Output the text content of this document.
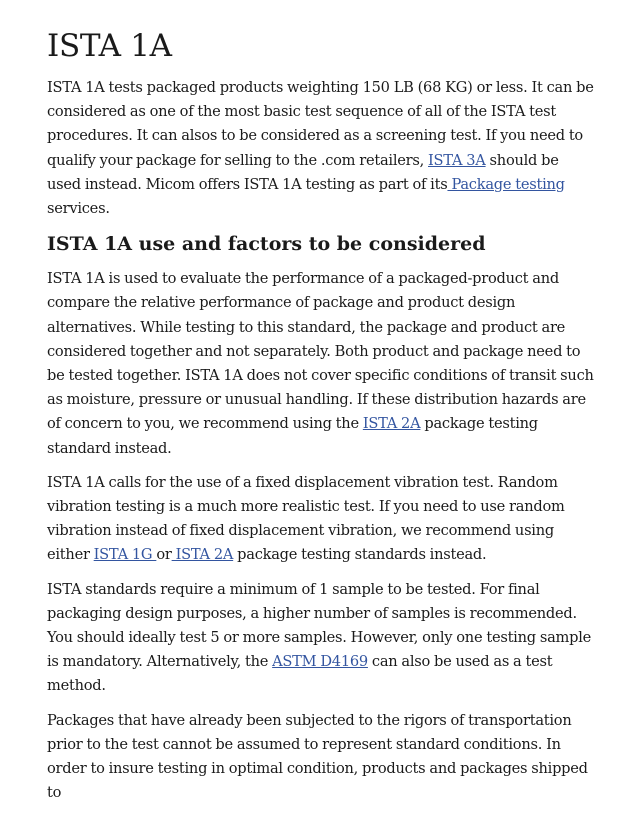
ISTA 1A

ISTA 1A tests packaged products weighting 150 LB (68 KG) or less. It can be considered as one of the most basic test sequence of all of the ISTA test procedures. It can alsos to be considered as a screening test. If you need to qualify your package for selling to the .com retailers, ISTA 3A should be used instead. Micom offers ISTA 1A testing as part of its Package testing services.

ISTA 1A use and factors to be considered

ISTA 1A is used to evaluate the performance of a packaged-product and compare the relative performance of package and product design alternatives. While testing to this standard, the package and product are considered together and not separately. Both product and package need to be tested together. ISTA 1A does not cover specific conditions of transit such as moisture, pressure or unusual handling. If these distribution hazards are of concern to you, we recommend using the ISTA 2A package testing standard instead.

ISTA 1A calls for the use of a fixed displacement vibration test. Random vibration testing is a much more realistic test. If you need to use random vibration instead of fixed displacement vibration, we recommend using either ISTA 1G or ISTA 2A package testing standards instead.

ISTA standards require a minimum of 1 sample to be tested. For final packaging design purposes, a higher number of samples is recommended. You should ideally test 5 or more samples. However, only one testing sample is mandatory. Alternatively, the ASTM D4169 can also be used as a test method.

Packages that have already been subjected to the rigors of transportation prior to the test cannot be assumed to represent standard conditions. In order to insure testing in optimal condition, products and packages shipped to
